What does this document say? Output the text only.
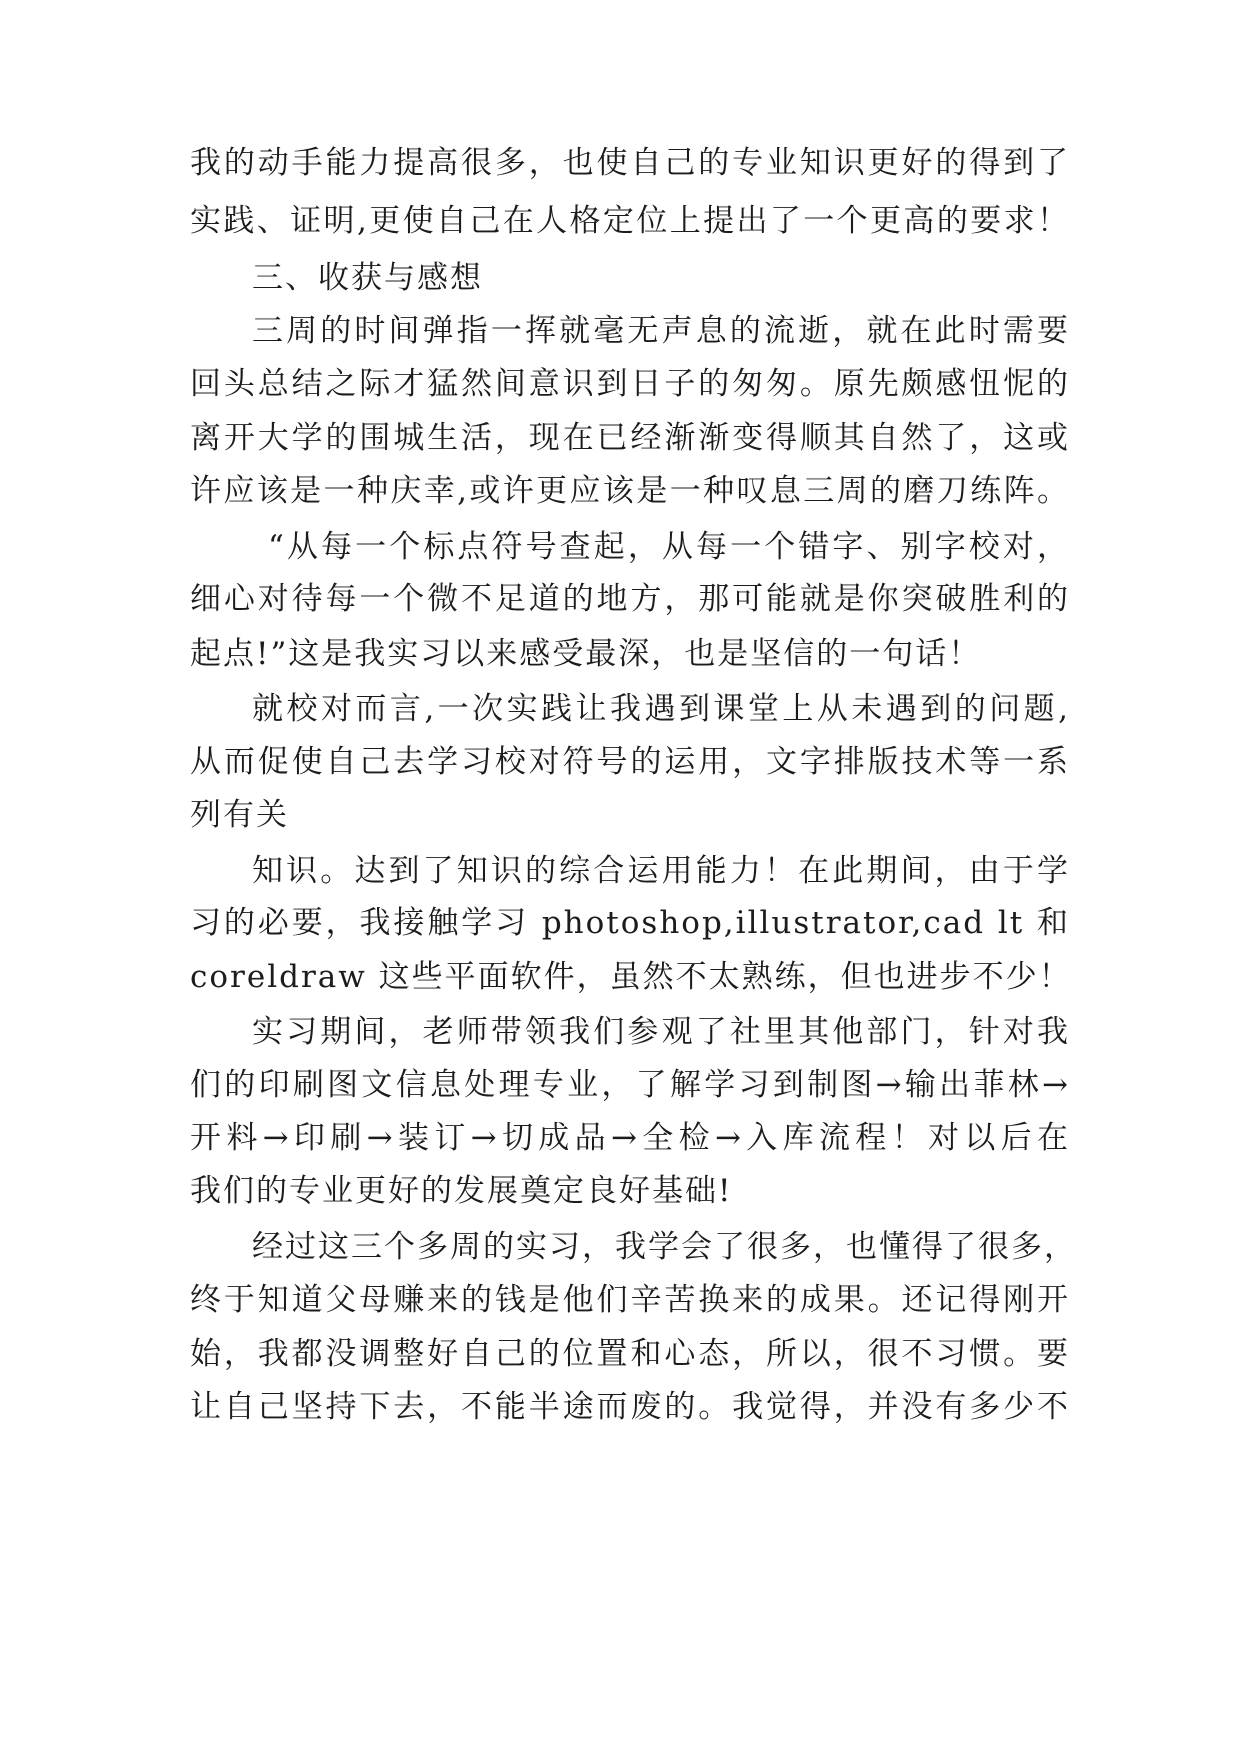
我的动手能力提高很多，也使自己的专业知识更好的得到了
实践、证明,更使自己在人格定位上提出了一个更高的要求！
三、收获与感想
三周的时间弹指一挥就毫无声息的流逝，就在此时需要
回头总结之际才猛然间意识到日子的匆匆。原先颇感忸怩的
离开大学的围城生活，现在已经渐渐变得顺其自然了，这或
许应该是一种庆幸,或许更应该是一种叹息三周的磨刀练阵。
“从每一个标点符号查起，从每一个错字、别字校对，
细心对待每一个微不足道的地方，那可能就是你突破胜利的
起点!”这是我实习以来感受最深，也是坚信的一句话！
就校对而言,一次实践让我遇到课堂上从未遇到的问题,
从而促使自己去学习校对符号的运用，文字排版技术等一系
列有关
知识。达到了知识的综合运用能力！在此期间，由于学
习的必要，我接触学习 photoshop,illustrator,cad lt 和
coreldraw 这些平面软件，虽然不太熟练，但也进步不少！
实习期间，老师带领我们参观了社里其他部门，针对我
们的印刷图文信息处理专业，了解学习到制图→输出菲林→
开料→印刷→装订→切成品→全检→入库流程！对以后在
我们的专业更好的发展奠定良好基础!
经过这三个多周的实习，我学会了很多，也懂得了很多，
终于知道父母赚来的钱是他们辛苦换来的成果。还记得刚开
始，我都没调整好自己的位置和心态，所以，很不习惯。要
让自己坚持下去，不能半途而废的。我觉得，并没有多少不
